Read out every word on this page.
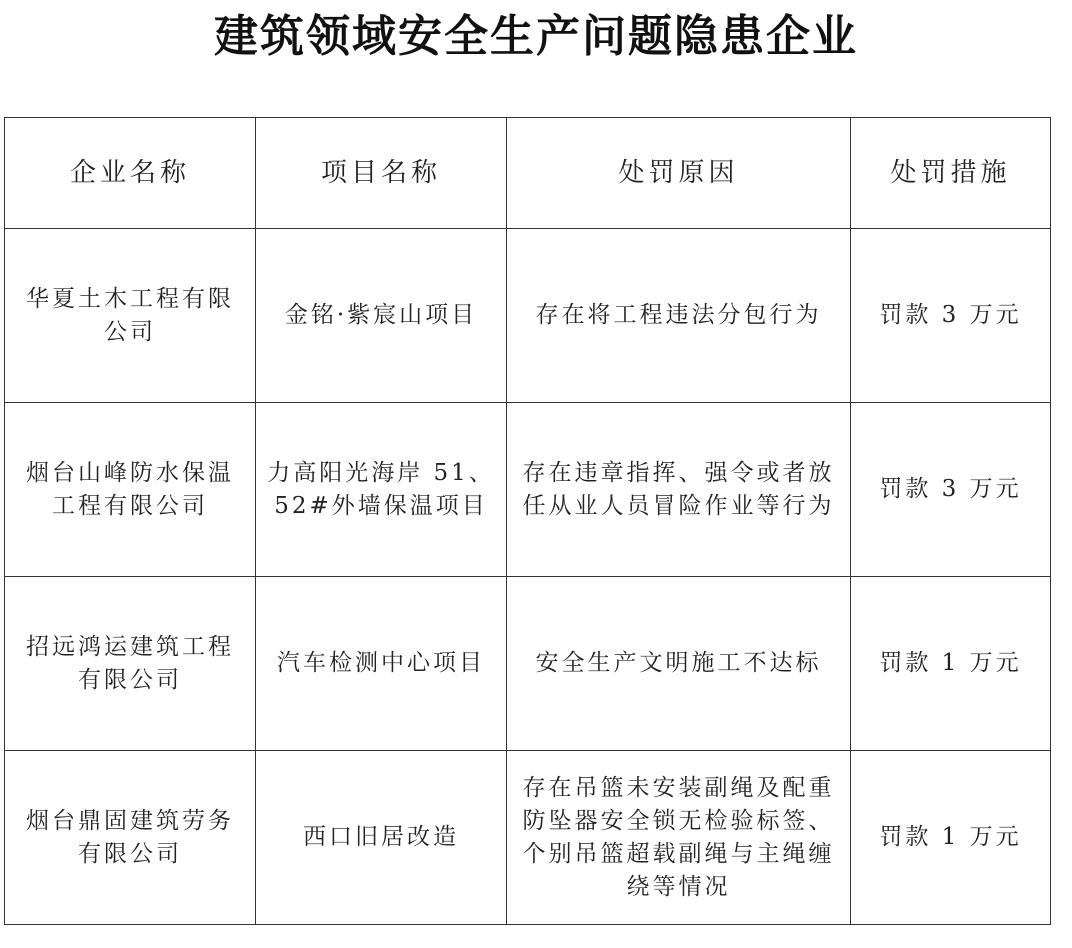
建筑领域安全生产问题隐患企业
企业名称	项目名称	处罚原因	处罚措施
华夏土木工程有限公司	金铭·紫宸山项目	存在将工程违法分包行为	罚款 3 万元
烟台山峰防水保温工程有限公司	力高阳光海岸 51、52#外墙保温项目	存在违章指挥、强令或者放任从业人员冒险作业等行为	罚款 3 万元
招远鸿运建筑工程有限公司	汽车检测中心项目	安全生产文明施工不达标	罚款 1 万元
烟台鼎固建筑劳务有限公司	西口旧居改造	存在吊篮未安装副绳及配重防坠器安全锁无检验标签、个别吊篮超载副绳与主绳缠绕等情况	罚款 1 万元
